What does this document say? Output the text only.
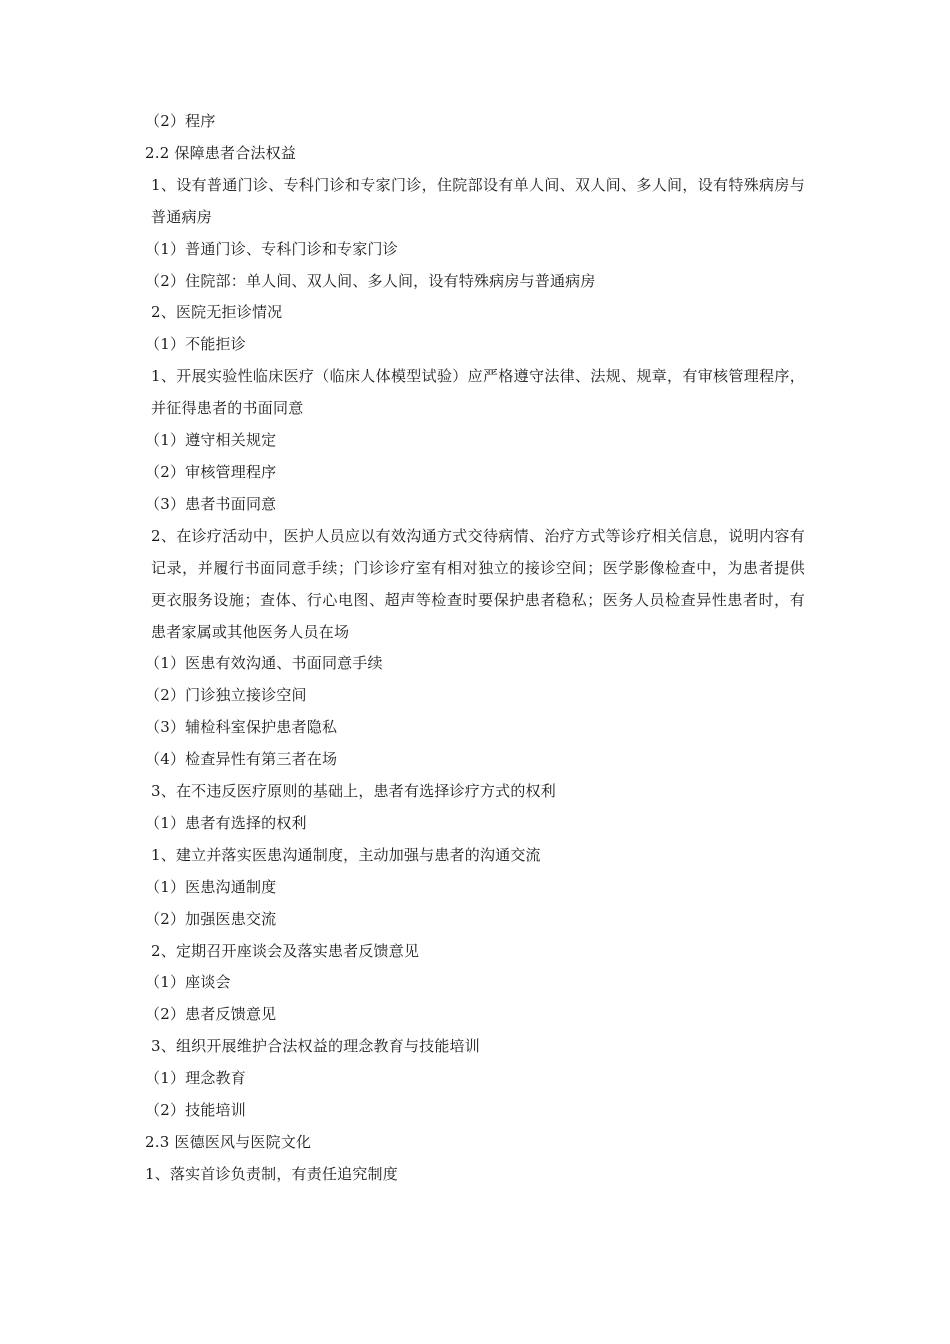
（2）程序
2.2 保障患者合法权益
1、设有普通门诊、专科门诊和专家门诊，住院部设有单人间、双人间、多人间，设有特殊病房与普通病房
（1）普通门诊、专科门诊和专家门诊
（2）住院部：单人间、双人间、多人间，设有特殊病房与普通病房
2、医院无拒诊情况
（1）不能拒诊
1、开展实验性临床医疗（临床人体模型试验）应严格遵守法律、法规、规章，有审核管理程序，并征得患者的书面同意
（1）遵守相关规定
（2）审核管理程序
（3）患者书面同意
2、在诊疗活动中，医护人员应以有效沟通方式交待病情、治疗方式等诊疗相关信息，说明内容有记录，并履行书面同意手续；门诊诊疗室有相对独立的接诊空间；医学影像检查中，为患者提供更衣服务设施；查体、行心电图、超声等检查时要保护患者稳私；医务人员检查异性患者时，有患者家属或其他医务人员在场
（1）医患有效沟通、书面同意手续
（2）门诊独立接诊空间
（3）辅检科室保护患者隐私
（4）检查异性有第三者在场
3、在不违反医疗原则的基础上，患者有选择诊疗方式的权利
（1）患者有选择的权利
1、建立并落实医患沟通制度，主动加强与患者的沟通交流
（1）医患沟通制度
（2）加强医患交流
2、定期召开座谈会及落实患者反馈意见
（1）座谈会
（2）患者反馈意见
3、组织开展维护合法权益的理念教育与技能培训
（1）理念教育
（2）技能培训
2.3 医德医风与医院文化
1、落实首诊负责制，有责任追究制度
